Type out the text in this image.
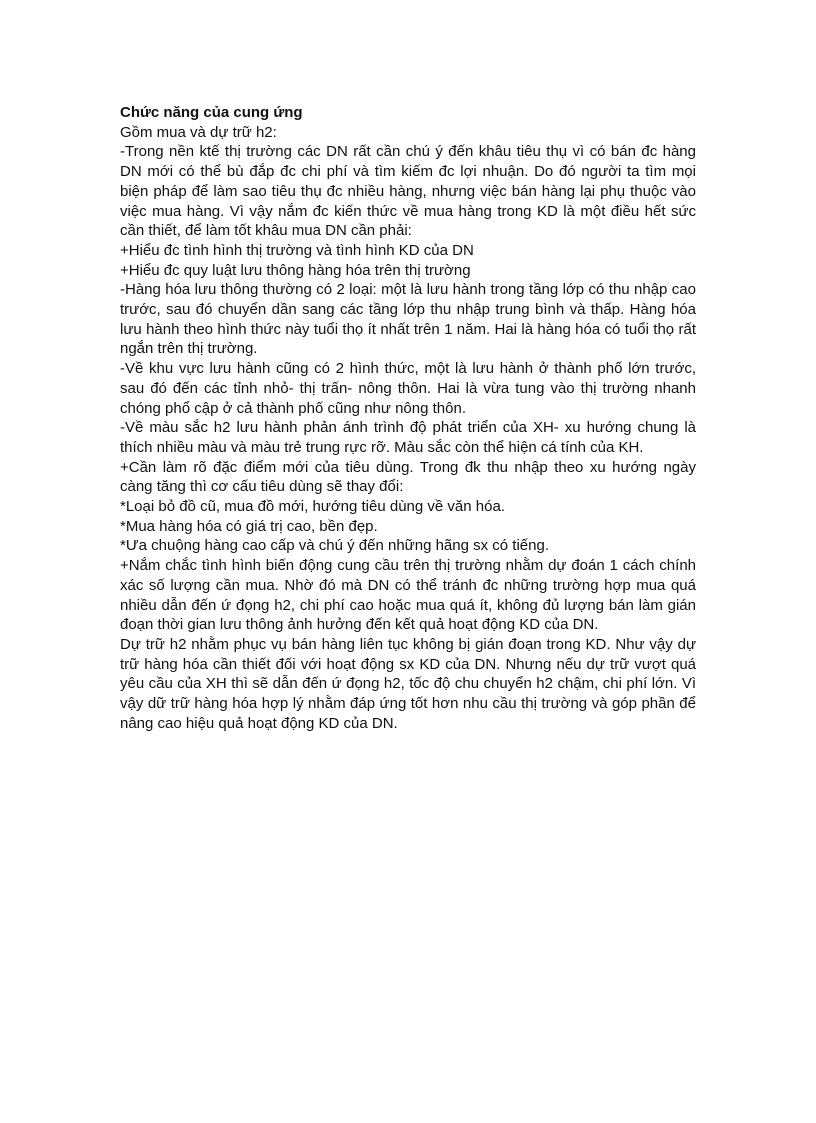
Chức năng của cung ứng

Gồm mua và dự trữ h2:

-Trong nền ktế thị trường các DN rất cần chú ý đến khâu tiêu thụ vì có bán đc hàng DN mới có thể bù đắp đc chi phí và tìm kiếm đc lợi nhuận. Do đó người ta tìm mọi biện pháp để làm sao tiêu thụ đc nhiều hàng, nhưng việc bán hàng lại phụ thuộc vào việc mua hàng. Vì vậy nắm đc kiến thức về mua hàng trong KD là một điều hết sức cần thiết, để làm tốt khâu mua DN cần phải:

+Hiểu đc tình hình thị trường và tình hình KD của DN

+Hiểu đc quy luật lưu thông hàng hóa trên thị trường

-Hàng hóa lưu thông thường có 2 loại: một là lưu hành trong tầng lớp có thu nhập cao trước, sau đó chuyển dần sang các tầng lớp thu nhập trung bình và thấp. Hàng hóa lưu hành theo hình thức này tuổi thọ ít nhất trên 1 năm. Hai là hàng hóa có tuổi thọ rất ngắn trên thị trường.

-Về khu vực lưu hành cũng có 2 hình thức, một là lưu hành ở thành phố lớn trước, sau đó đến các tỉnh nhỏ- thị trấn- nông thôn. Hai là vừa tung vào thị trường nhanh chóng phổ cập ở cả thành phố cũng như nông thôn.

-Về màu sắc h2 lưu hành phản ánh trình độ phát triển của XH- xu hướng chung là thích nhiều màu và màu trẻ trung rực rỡ. Màu sắc còn thể hiện cá tính của KH.

+Cần làm rõ đặc điểm mới của tiêu dùng. Trong đk thu nhập theo xu hướng ngày càng tăng thì cơ cấu tiêu dùng sẽ thay đổi:

*Loại bỏ đồ cũ, mua đồ mới, hướng tiêu dùng về văn hóa.

*Mua hàng hóa có giá trị cao, bền đẹp.

*Ưa chuộng hàng cao cấp và chú ý đến những hãng sx có tiếng.

+Nắm chắc tình hình biến động cung cầu trên thị trường nhằm dự đoán 1 cách chính xác số lượng cần mua. Nhờ đó mà DN có thể tránh đc những trường hợp mua quá nhiều dẫn đến ứ đọng h2, chi phí cao hoặc mua quá ít, không đủ lượng bán làm gián đoạn thời gian lưu thông ảnh hưởng đến kết quả hoạt động KD của DN.

Dự trữ h2 nhằm phục vụ bán hàng liên tục không bị gián đoạn trong KD. Như vậy dự trữ hàng hóa cần thiết đối với hoạt động sx KD của DN. Nhưng nếu dự trữ vượt quá yêu cầu của XH thì sẽ dẫn đến ứ đọng h2, tốc độ chu chuyển h2 chậm, chi phí lớn. Vì vậy dữ trữ hàng hóa hợp lý nhằm đáp ứng tốt hơn nhu cầu thị trường và góp phần để nâng cao hiệu quả hoạt động KD của DN.
